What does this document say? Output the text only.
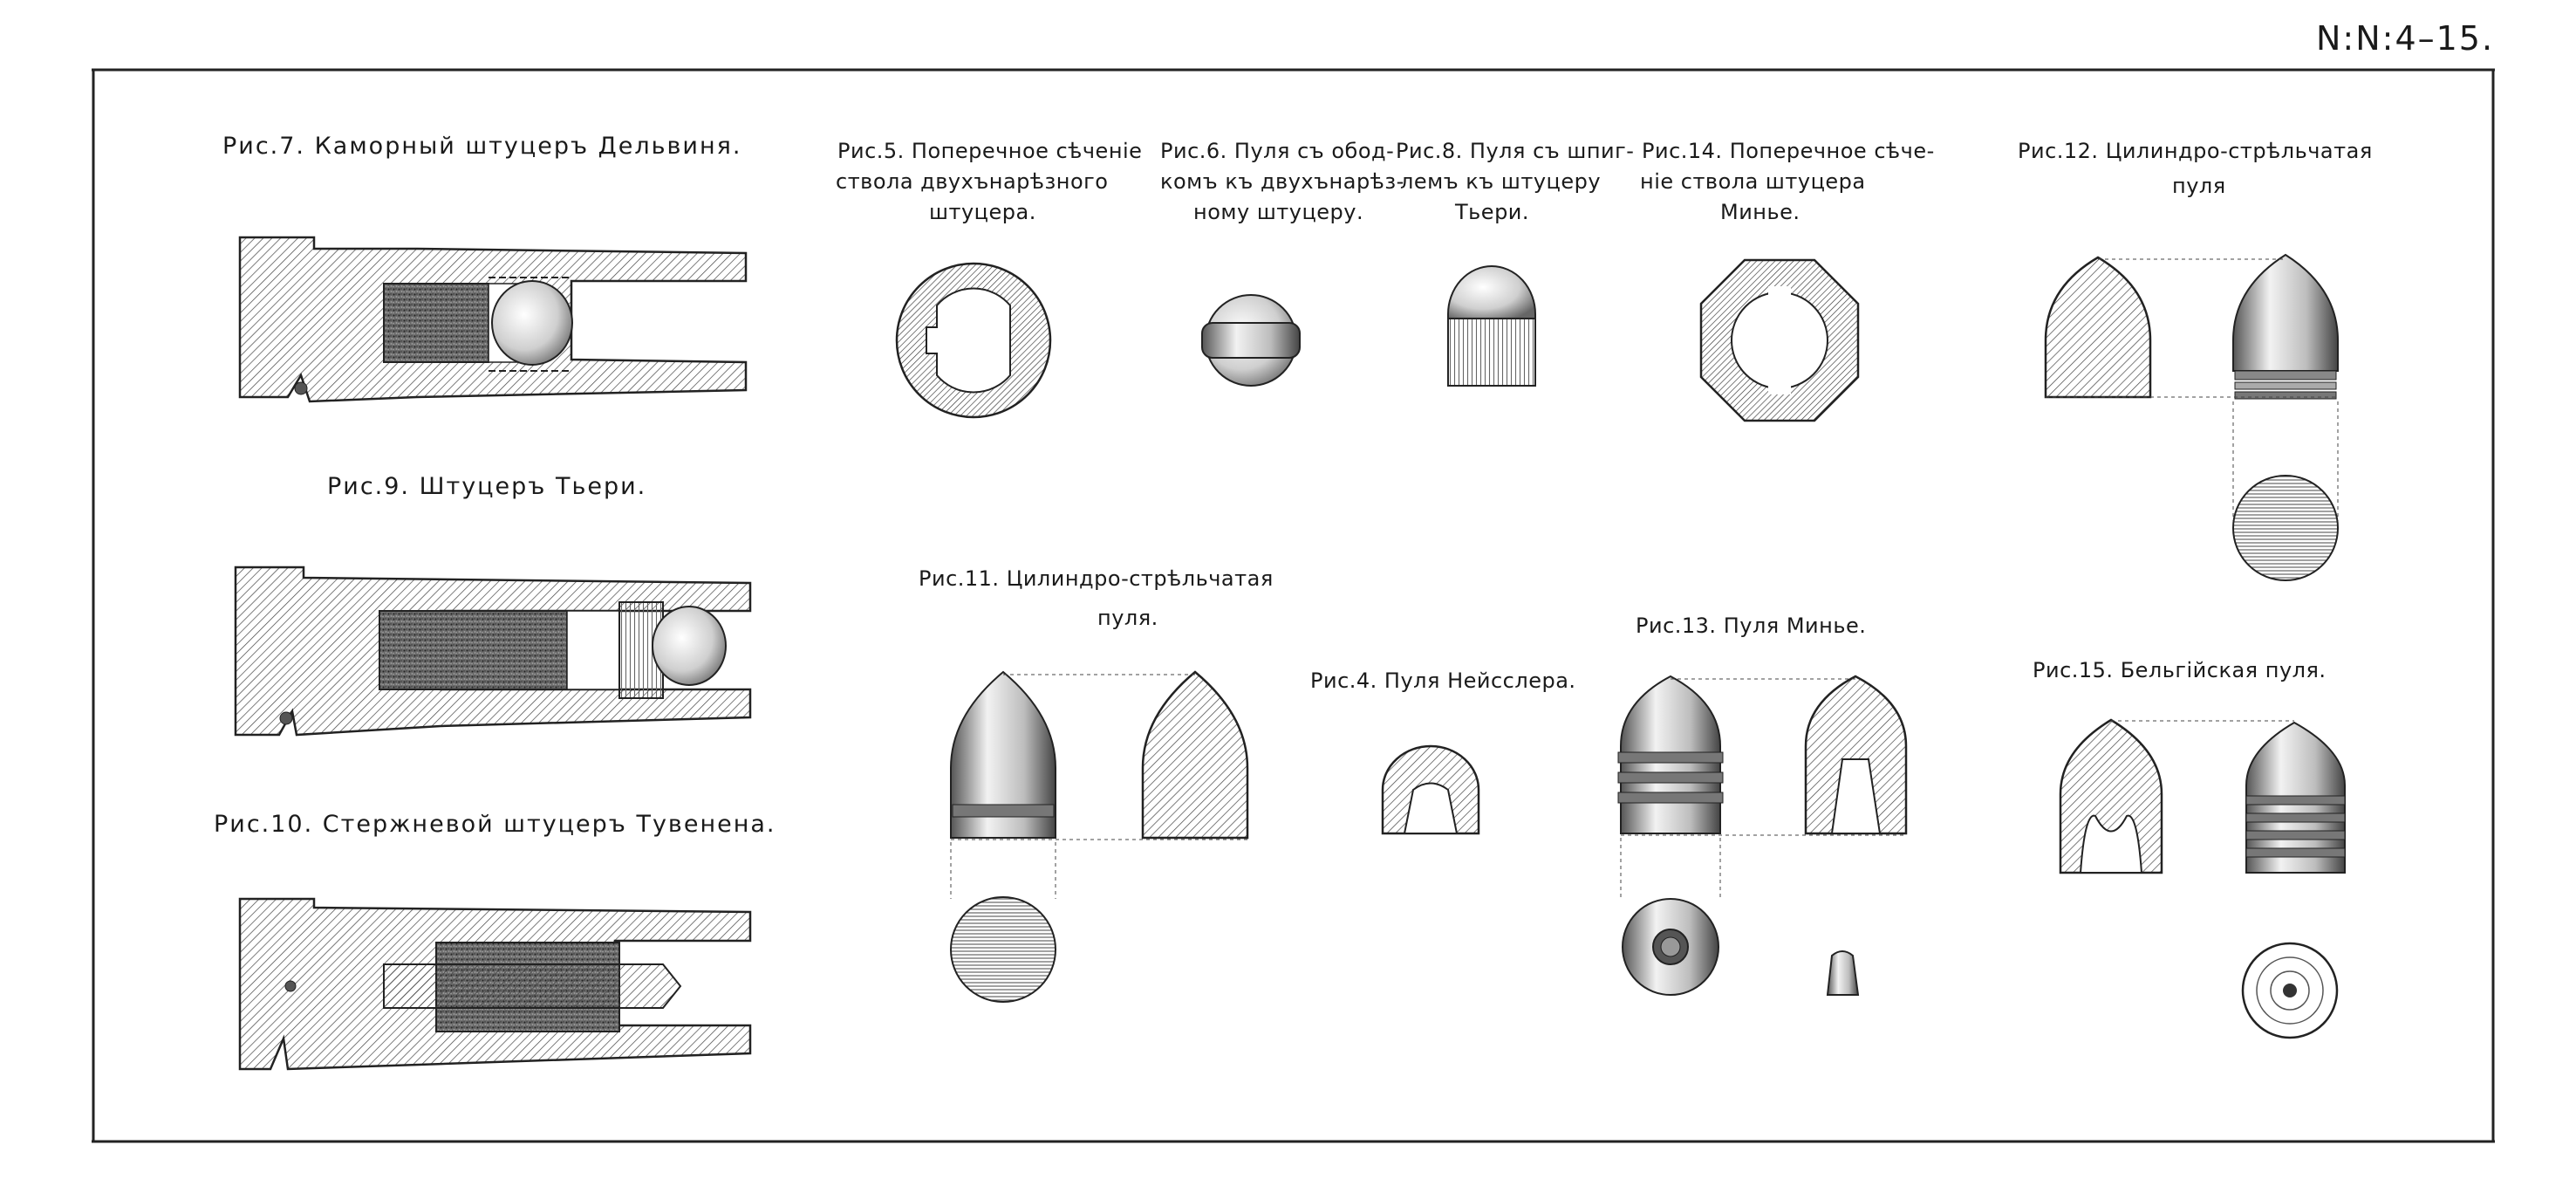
N:N:4–15.
Рис.7. Каморный штуцеръ Дельвиня.
Рис.9. Штуцеръ Тьери.
Рис.10. Стержневой штуцеръ Тувенена.
Рис.5. Поперечное сѣченіе
ствола двухънарѣзного
штуцера.
Рис.6. Пуля съ обод-
комъ къ двухънарѣз-
ному штуцеру.
Рис.8. Пуля съ шпиг-
лемъ къ штуцеру
Тьери.
Рис.14. Поперечное сѣче-
ніе ствола штуцера
Минье.
Рис.12. Цилиндро-стрѣльчатая
пуля
Рис.11. Цилиндро-стрѣльчатая
пуля.
Рис.4. Пуля Нейсслера.
Рис.13. Пуля Минье.
Рис.15. Бельгійская пуля.
